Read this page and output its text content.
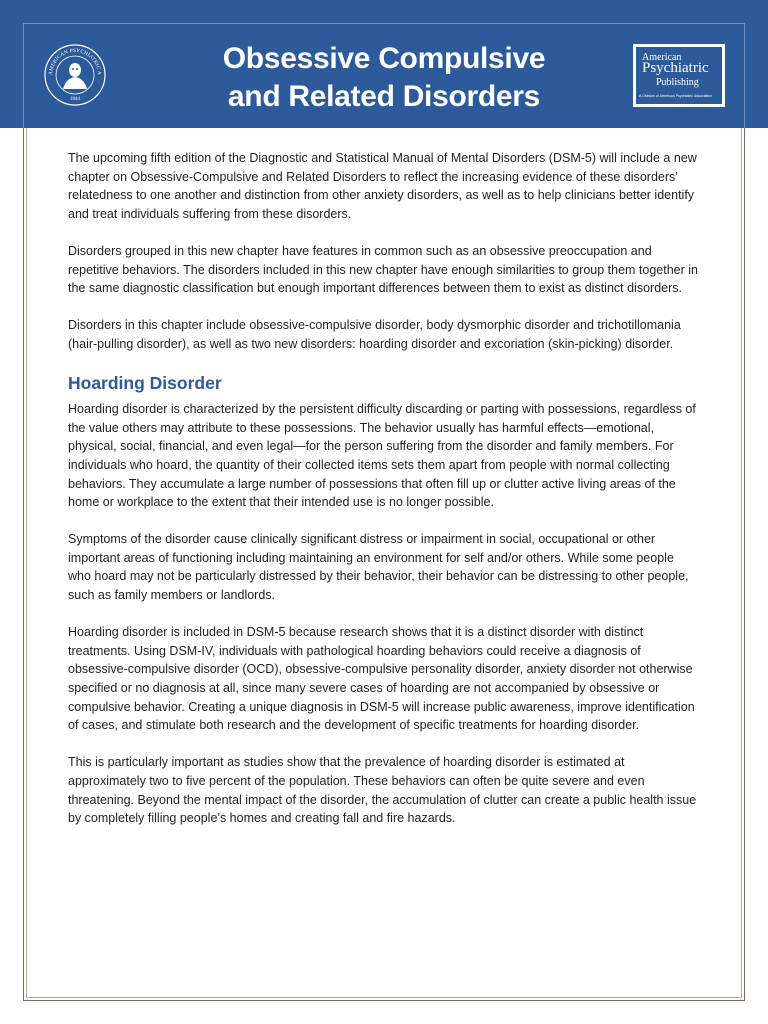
AMERICAN PSYCHIATRIC A
1844
Obsessive Compulsive
and Related Disorders
American
Psychiatric
Publishing
A Division of American Psychiatric Association

The upcoming fifth edition of the Diagnostic and Statistical Manual of Mental Disorders (DSM-5) will include a new chapter on Obsessive-Compulsive and Related Disorders to reflect the increasing evidence of these disorders’ relatedness to one another and distinction from other anxiety disorders, as well as to help clinicians better identify and treat individuals suffering from these disorders.

Disorders grouped in this new chapter have features in common such as an obsessive preoccupation and repetitive behaviors. The disorders included in this new chapter have enough similarities to group them together in the same diagnostic classification but enough important differences between them to exist as distinct disorders.

Disorders in this chapter include obsessive-compulsive disorder, body dysmorphic disorder and trichotillomania (hair-pulling disorder), as well as two new disorders: hoarding disorder and excoriation (skin-picking) disorder.

Hoarding Disorder

Hoarding disorder is characterized by the persistent difficulty discarding or parting with possessions, regardless of the value others may attribute to these possessions. The behavior usually has harmful effects—emotional, physical, social, financial, and even legal—for the person suffering from the disorder and family members. For individuals who hoard, the quantity of their collected items sets them apart from people with normal collecting behaviors. They accumulate a large number of possessions that often fill up or clutter active living areas of the home or workplace to the extent that their intended use is no longer possible.

Symptoms of the disorder cause clinically significant distress or impairment in social, occupational or other important areas of functioning including maintaining an environment for self and/or others. While some people who hoard may not be particularly distressed by their behavior, their behavior can be distressing to other people, such as family members or landlords.

Hoarding disorder is included in DSM-5 because research shows that it is a distinct disorder with distinct treatments. Using DSM-IV, individuals with pathological hoarding behaviors could receive a diagnosis of obsessive-compulsive disorder (OCD), obsessive-compulsive personality disorder, anxiety disorder not otherwise specified or no diagnosis at all, since many severe cases of hoarding are not accompanied by obsessive or compulsive behavior. Creating a unique diagnosis in DSM-5 will increase public awareness, improve identification of cases, and stimulate both research and the development of specific treatments for hoarding disorder.

This is particularly important as studies show that the prevalence of hoarding disorder is estimated at approximately two to five percent of the population. These behaviors can often be quite severe and even threatening. Beyond the mental impact of the disorder, the accumulation of clutter can create a public health issue by completely filling people’s homes and creating fall and fire hazards.
